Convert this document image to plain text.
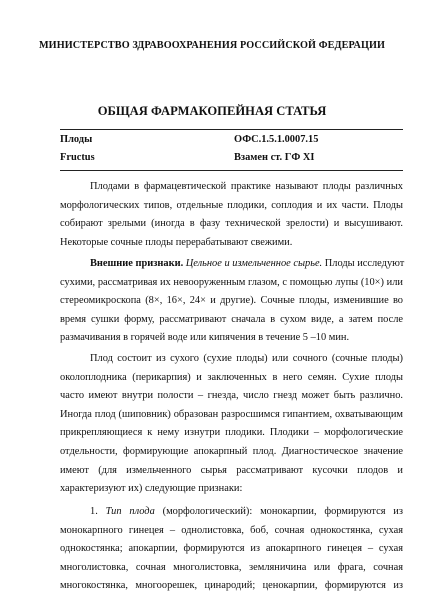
МИНИСТЕРСТВО ЗДРАВООХРАНЕНИЯ РОССИЙСКОЙ ФЕДЕРАЦИИ
ОБЩАЯ ФАРМАКОПЕЙНАЯ СТАТЬЯ
Плоды	ОФС.1.5.1.0007.15
Fructus	Взамен ст. ГФ XI
Плодами в фармацевтической практике называют плоды различных
морфологических типов, отдельные плодики, соплодия и их части. Плоды
собирают зрелыми (иногда в фазу технической зрелости) и высушивают.
Некоторые сочные плоды перерабатывают свежими.
Внешние признаки. Цельное и измельченное сырье. Плоды исследуют
сухими, рассматривая их невооруженным глазом, с помощью лупы (10×) или
стереомикроскопа (8×, 16×, 24× и другие). Сочные плоды, изменившие во
время сушки форму, рассматривают сначала в сухом виде, а затем после
размачивания в горячей воде или кипячения в течение 5 –10 мин.
Плод состоит из сухого (сухие плоды) или сочного (сочные плоды)
околоплодника (перикарпия) и заключенных в него семян. Сухие плоды
часто имеют внутри полости – гнезда, число гнезд может быть различно.
Иногда плод (шиповник) образован разросшимся гипантием, охватывающим
прикрепляющиеся к нему изнутри плодики. Плодики – морфологические
отдельности, формирующие апокарпный плод. Диагностическое значение
имеют (для измельченного сырья рассматривают кусочки плодов и
характеризуют их) следующие признаки:
1. Тип плода (морфологический): монокарпии, формируются из
монокарпного гинецея – однолистовка, боб, сочная однокостянка, сухая
однокостянка; апокарпии, формируются из апокарпного гинецея – сухая
многолистовка, сочная многолистовка, земляничина или фрага, сочная
многокостянка, многоорешек, цинародий; ценокарпии, формируются из
